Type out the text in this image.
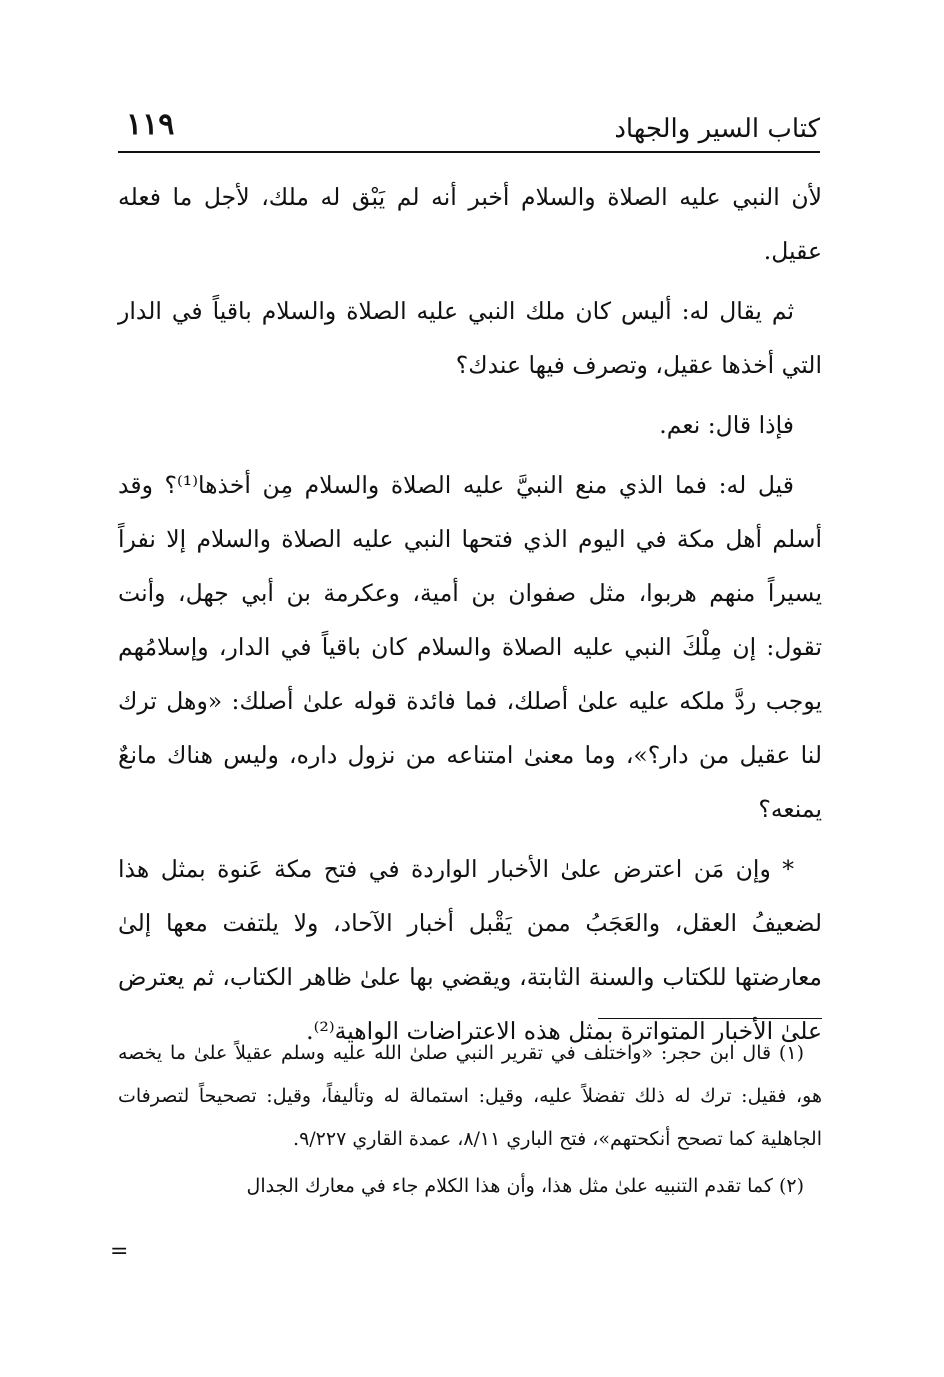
كتاب السير والجهاد
١١٩

لأن النبي عليه الصلاة والسلام أخبر أنه لم يَبْق له ملك، لأجل ما فعله عقيل.

ثم يقال له: أليس كان ملك النبي عليه الصلاة والسلام باقياً في الدار التي أخذها عقيل، وتصرف فيها عندك؟

فإذا قال: نعم.

قيل له: فما الذي منع النبيَّ عليه الصلاة والسلام مِن أخذها⁽¹⁾؟ وقد أسلم أهل مكة في اليوم الذي فتحها النبي عليه الصلاة والسلام إلا نفراً يسيراً منهم هربوا، مثل صفوان بن أمية، وعكرمة بن أبي جهل، وأنت تقول: إن مِلْكَ النبي عليه الصلاة والسلام كان باقياً في الدار، وإسلامُهم يوجب ردَّ ملكه عليه علىٰ أصلك، فما فائدة قوله علىٰ أصلك: «وهل ترك لنا عقيل من دار؟»، وما معنىٰ امتناعه من نزول داره، وليس هناك مانعٌ يمنعه؟

* وإن مَن اعترض علىٰ الأخبار الواردة في فتح مكة عَنوة بمثل هذا لضعيفُ العقل، والعَجَبُ ممن يَقْبل أخبار الآحاد، ولا يلتفت معها إلىٰ معارضتها للكتاب والسنة الثابتة، ويقضي بها علىٰ ظاهر الكتاب، ثم يعترض علىٰ الأخبار المتواترة بمثل هذه الاعتراضات الواهية⁽²⁾.

(١) قال ابن حجر: «واختلف في تقرير النبي صلىٰ الله عليه وسلم عقيلاً علىٰ ما يخصه هو، فقيل: ترك له ذلك تفضلاً عليه، وقيل: استمالة له وتأليفاً، وقيل: تصحيحاً لتصرفات الجاهلية كما تصحح أنكحتهم»، فتح الباري ٨/١١، عمدة القاري ٩/٢٢٧.

(٢) كما تقدم التنبيه علىٰ مثل هذا، وأن هذا الكلام جاء في معارك الجدال

=
